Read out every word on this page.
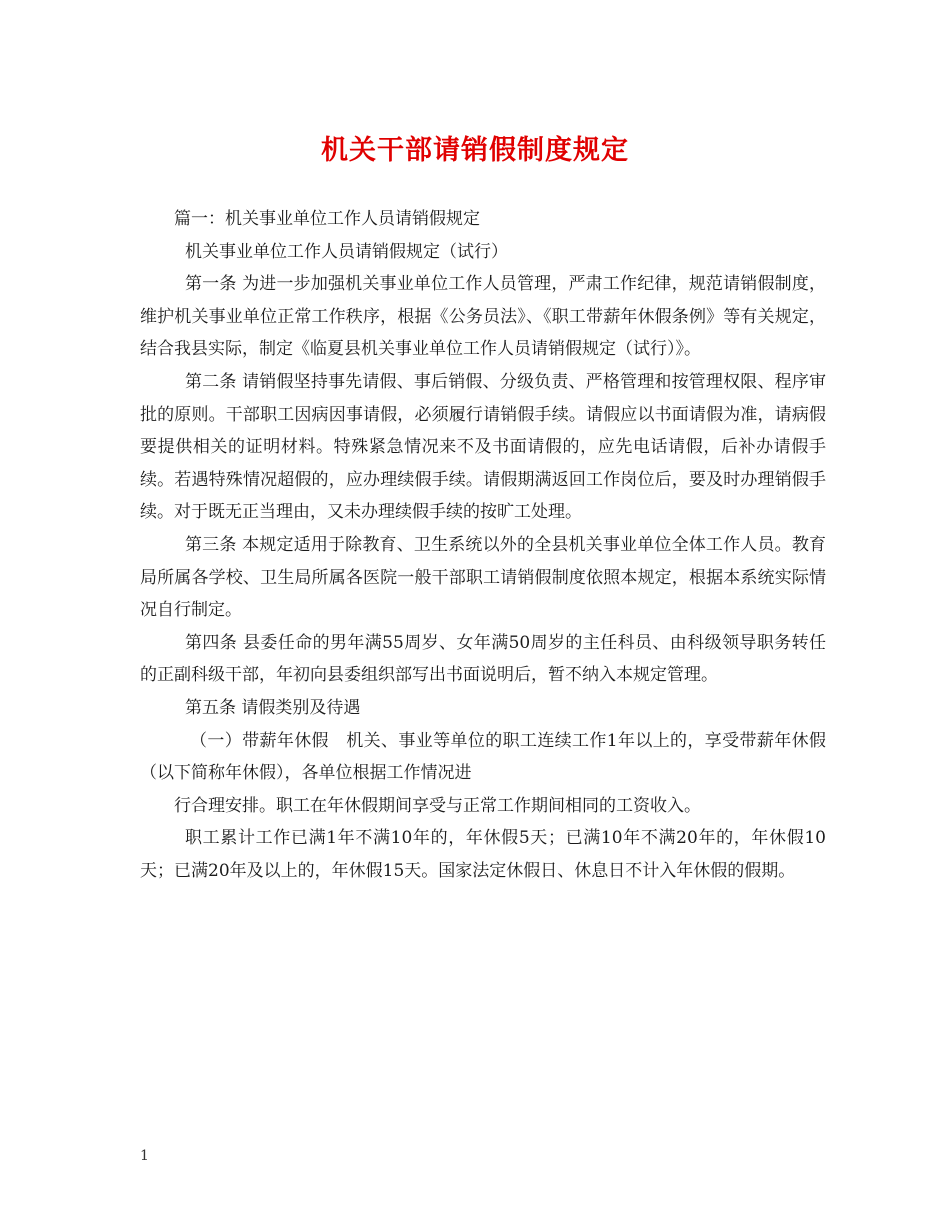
机关干部请销假制度规定

篇一：机关事业单位工作人员请销假规定

机关事业单位工作人员请销假规定（试行）

第一条 为进一步加强机关事业单位工作人员管理，严肃工作纪律，规范请销假制度，维护机关事业单位正常工作秩序，根据《公务员法》、《职工带薪年休假条例》等有关规定，结合我县实际，制定《临夏县机关事业单位工作人员请销假规定（试行）》。

第二条 请销假坚持事先请假、事后销假、分级负责、严格管理和按管理权限、程序审批的原则。干部职工因病因事请假，必须履行请销假手续。请假应以书面请假为准，请病假要提供相关的证明材料。特殊紧急情况来不及书面请假的，应先电话请假，后补办请假手续。若遇特殊情况超假的，应办理续假手续。请假期满返回工作岗位后，要及时办理销假手续。对于既无正当理由，又未办理续假手续的按旷工处理。

第三条 本规定适用于除教育、卫生系统以外的全县机关事业单位全体工作人员。教育局所属各学校、卫生局所属各医院一般干部职工请销假制度依照本规定，根据本系统实际情况自行制定。

第四条 县委任命的男年满55周岁、女年满50周岁的主任科员、由科级领导职务转任的正副科级干部，年初向县委组织部写出书面说明后，暂不纳入本规定管理。

第五条 请假类别及待遇

（一）带薪年休假　机关、事业等单位的职工连续工作1年以上的，享受带薪年休假（以下简称年休假），各单位根据工作情况进

行合理安排。职工在年休假期间享受与正常工作期间相同的工资收入。

职工累计工作已满1年不满10年的，年休假5天；已满10年不满20年的，年休假10天；已满20年及以上的，年休假15天。国家法定休假日、休息日不计入年休假的假期。

1
